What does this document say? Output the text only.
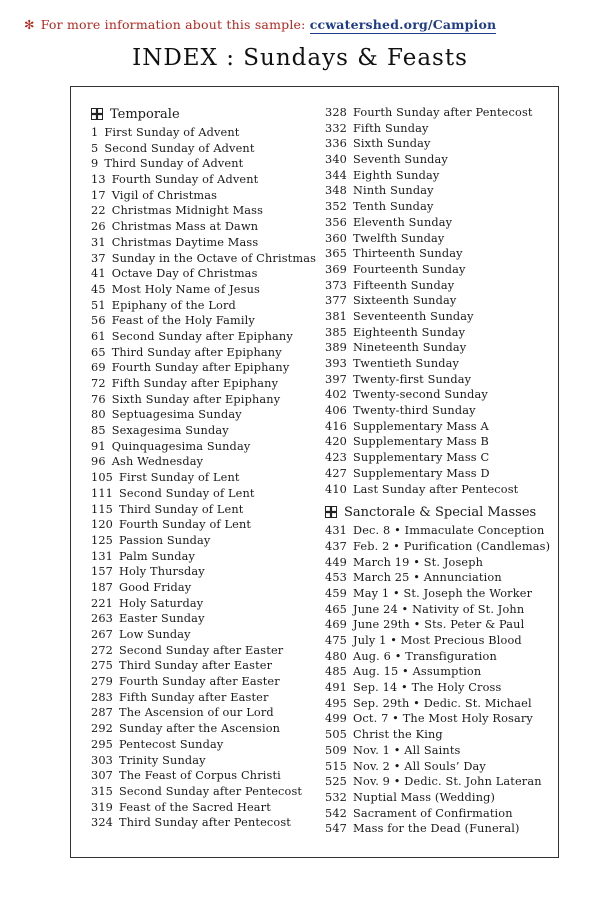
✻ For more information about this sample: ccwatershed.org/Campion
INDEX : Sundays & Feasts
Temporale
1 First Sunday of Advent
5 Second Sunday of Advent
9 Third Sunday of Advent
13 Fourth Sunday of Advent
17 Vigil of Christmas
22 Christmas Midnight Mass
26 Christmas Mass at Dawn
31 Christmas Daytime Mass
37 Sunday in the Octave of Christmas
41 Octave Day of Christmas
45 Most Holy Name of Jesus
51 Epiphany of the Lord
56 Feast of the Holy Family
61 Second Sunday after Epiphany
65 Third Sunday after Epiphany
69 Fourth Sunday after Epiphany
72 Fifth Sunday after Epiphany
76 Sixth Sunday after Epiphany
80 Septuagesima Sunday
85 Sexagesima Sunday
91 Quinquagesima Sunday
96 Ash Wednesday
105 First Sunday of Lent
111 Second Sunday of Lent
115 Third Sunday of Lent
120 Fourth Sunday of Lent
125 Passion Sunday
131 Palm Sunday
157 Holy Thursday
187 Good Friday
221 Holy Saturday
263 Easter Sunday
267 Low Sunday
272 Second Sunday after Easter
275 Third Sunday after Easter
279 Fourth Sunday after Easter
283 Fifth Sunday after Easter
287 The Ascension of our Lord
292 Sunday after the Ascension
295 Pentecost Sunday
303 Trinity Sunday
307 The Feast of Corpus Christi
315 Second Sunday after Pentecost
319 Feast of the Sacred Heart
324 Third Sunday after Pentecost
328 Fourth Sunday after Pentecost
332 Fifth Sunday
336 Sixth Sunday
340 Seventh Sunday
344 Eighth Sunday
348 Ninth Sunday
352 Tenth Sunday
356 Eleventh Sunday
360 Twelfth Sunday
365 Thirteenth Sunday
369 Fourteenth Sunday
373 Fifteenth Sunday
377 Sixteenth Sunday
381 Seventeenth Sunday
385 Eighteenth Sunday
389 Nineteenth Sunday
393 Twentieth Sunday
397 Twenty-first Sunday
402 Twenty-second Sunday
406 Twenty-third Sunday
416 Supplementary Mass A
420 Supplementary Mass B
423 Supplementary Mass C
427 Supplementary Mass D
410 Last Sunday after Pentecost
Sanctorale & Special Masses
431 Dec. 8 • Immaculate Conception
437 Feb. 2 • Purification (Candlemas)
449 March 19 • St. Joseph
453 March 25 • Annunciation
459 May 1 • St. Joseph the Worker
465 June 24 • Nativity of St. John
469 June 29th • Sts. Peter & Paul
475 July 1 • Most Precious Blood
480 Aug. 6 • Transfiguration
485 Aug. 15 • Assumption
491 Sep. 14 • The Holy Cross
495 Sep. 29th • Dedic. St. Michael
499 Oct. 7 • The Most Holy Rosary
505 Christ the King
509 Nov. 1 • All Saints
515 Nov. 2 • All Souls’ Day
525 Nov. 9 • Dedic. St. John Lateran
532 Nuptial Mass (Wedding)
542 Sacrament of Confirmation
547 Mass for the Dead (Funeral)
